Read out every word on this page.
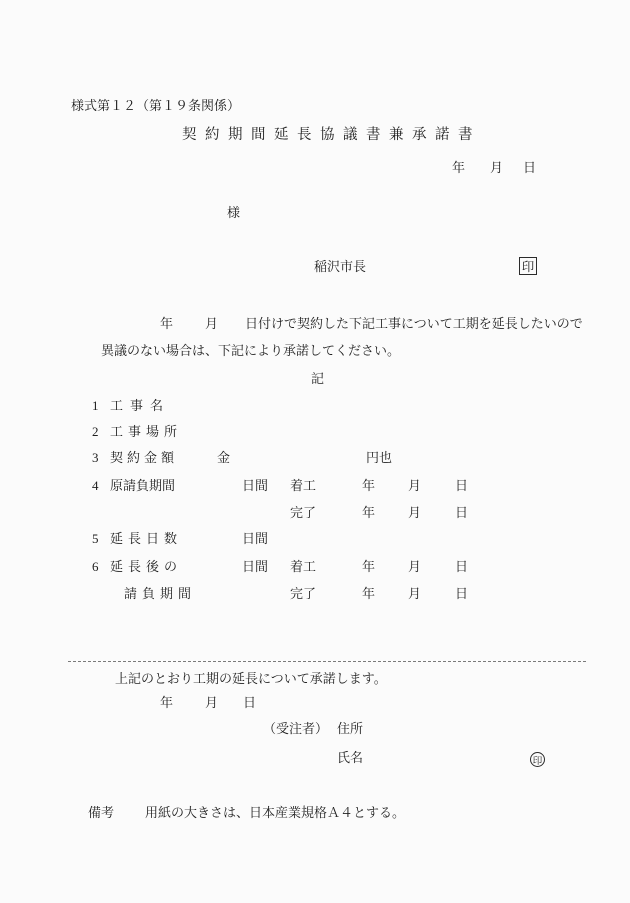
様式第１２（第１９条関係）
契約期間延長協議書兼承諾書
年 月 日
様
稲沢市長	印
年 月 日付けで契約した下記工事について工期を延長したいので
異議のない場合は、下記により承諾してください。
記
1 工事名
2 工事場所
3 契約金額	金	円也
4 原請負期間	日間 着工	年	月	日
完了	年	月	日
5 延長日数	日間
6 延長後の	日間 着工	年	月	日
請負期間	完了	年	月	日
上記のとおり工期の延長について承諾します。
年 月 日
（受注者） 住所
氏名	印
備考 用紙の大きさは、日本産業規格Ａ４とする。
